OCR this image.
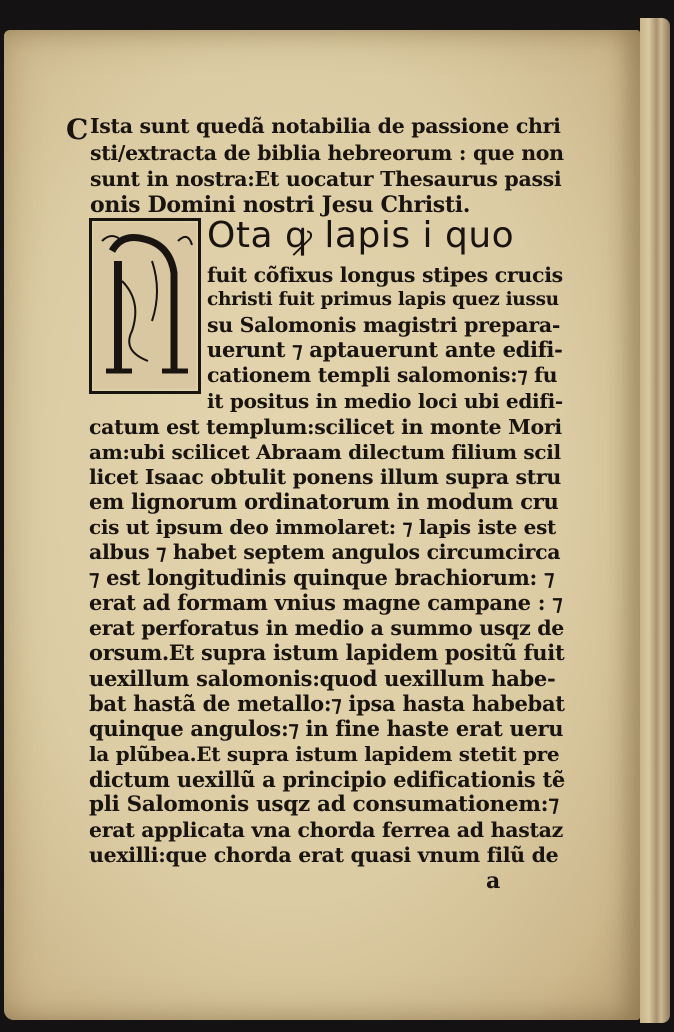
C Ista sunt quedã notabilia de passione chri
sti/extracta de biblia hebreorum : que non
sunt in nostra:Et uocatur Thesaurus passi
onis Domini nostri Jesu Christi.
Ota ꝙ lapis i quo
fuit cõfixus longus stipes crucis
christi fuit primus lapis quez iussu
su Salomonis magistri prepara-
uerunt ⁊ aptauerunt ante edifi-
cationem templi salomonis:⁊ fu
it positus in medio loci ubi edifi-
catum est templum:scilicet in monte Mori
am:ubi scilicet Abraam dilectum filium scil
licet Isaac obtulit ponens illum supra stru
em lignorum ordinatorum in modum cru
cis ut ipsum deo immolaret: ⁊ lapis iste est
albus ⁊ habet septem angulos circumcirca
⁊ est longitudinis quinque brachiorum: ⁊
erat ad formam vnius magne campane : ⁊
erat perforatus in medio a summo usqz de
orsum.Et supra istum lapidem positũ fuit
uexillum salomonis:quod uexillum habe-
bat hastã de metallo:⁊ ipsa hasta habebat
quinque angulos:⁊ in fine haste erat ueru
la plũbea.Et supra istum lapidem stetit pre
dictum uexillũ a principio edificationis tẽ
pli Salomonis usqz ad consumationem:⁊
erat applicata vna chorda ferrea ad hastaz
uexilli:que chorda erat quasi vnum filũ de
a
